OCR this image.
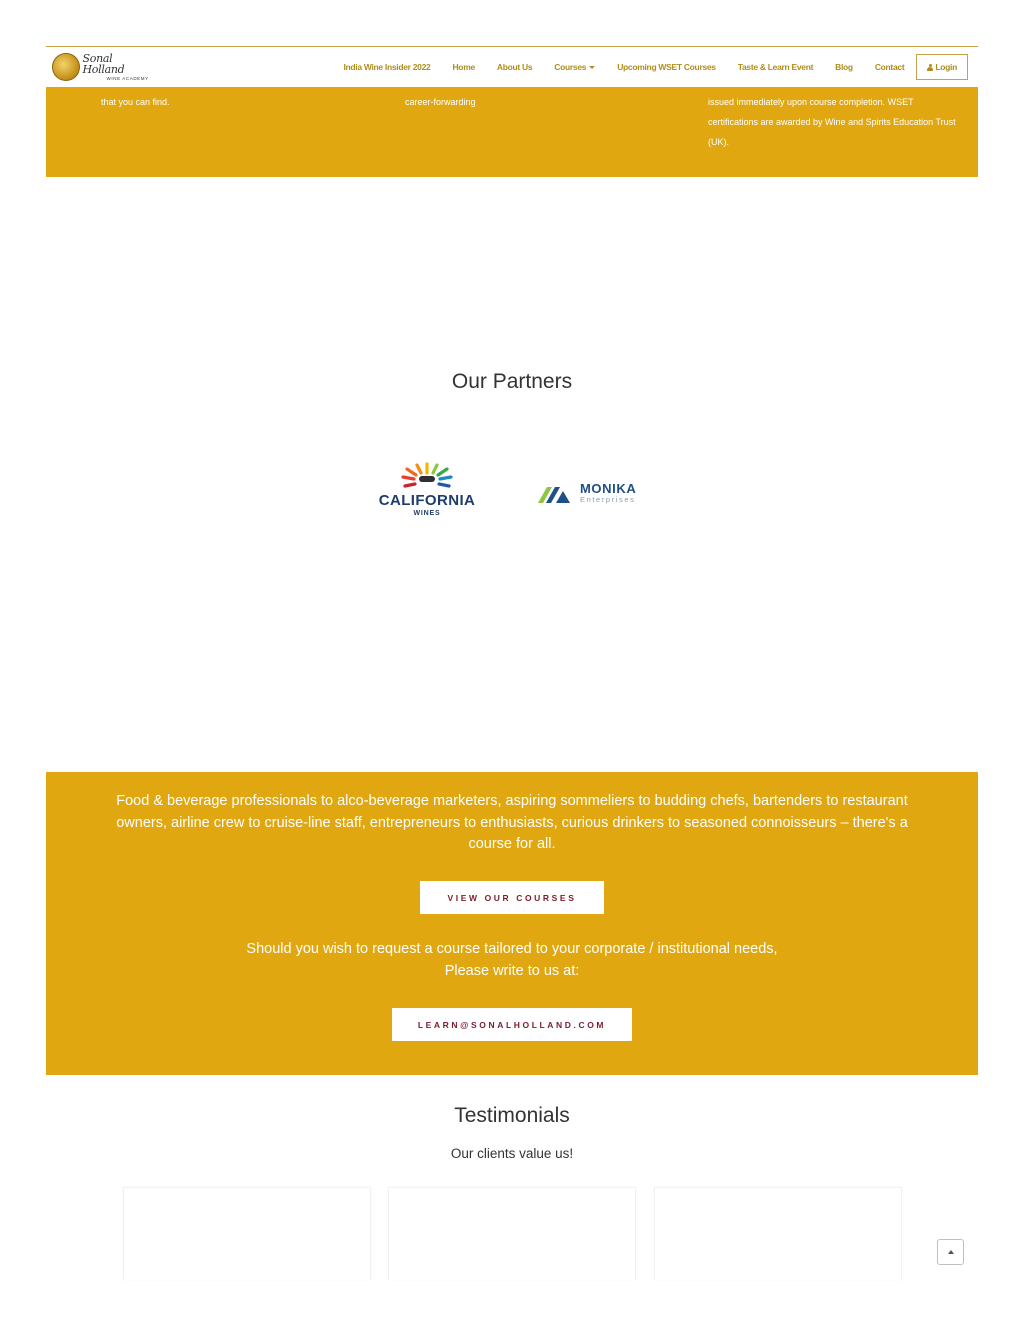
Sonal Holland
WINE ACADEMY
India Wine Insider 2022	Home	About Us	Courses	Upcoming WSET Courses	Taste & Learn Event	Blog	Contact	Login

that you can find.	career-forwarding	issued immediately upon course completion. WSET certifications are awarded by Wine and Spirits Education Trust (UK).

Our Partners
CALIFORNIA
WINES
MONIKA
Enterprises

Food & beverage professionals to alco-beverage marketers, aspiring sommeliers to budding chefs, bartenders to restaurant owners, airline crew to cruise-line staff, entrepreneurs to enthusiasts, curious drinkers to seasoned connoisseurs – there's a course for all.

VIEW OUR COURSES

Should you wish to request a course tailored to your corporate / institutional needs,
Please write to us at:

LEARN@SONALHOLLAND.COM
Testimonials

Our clients value us!
